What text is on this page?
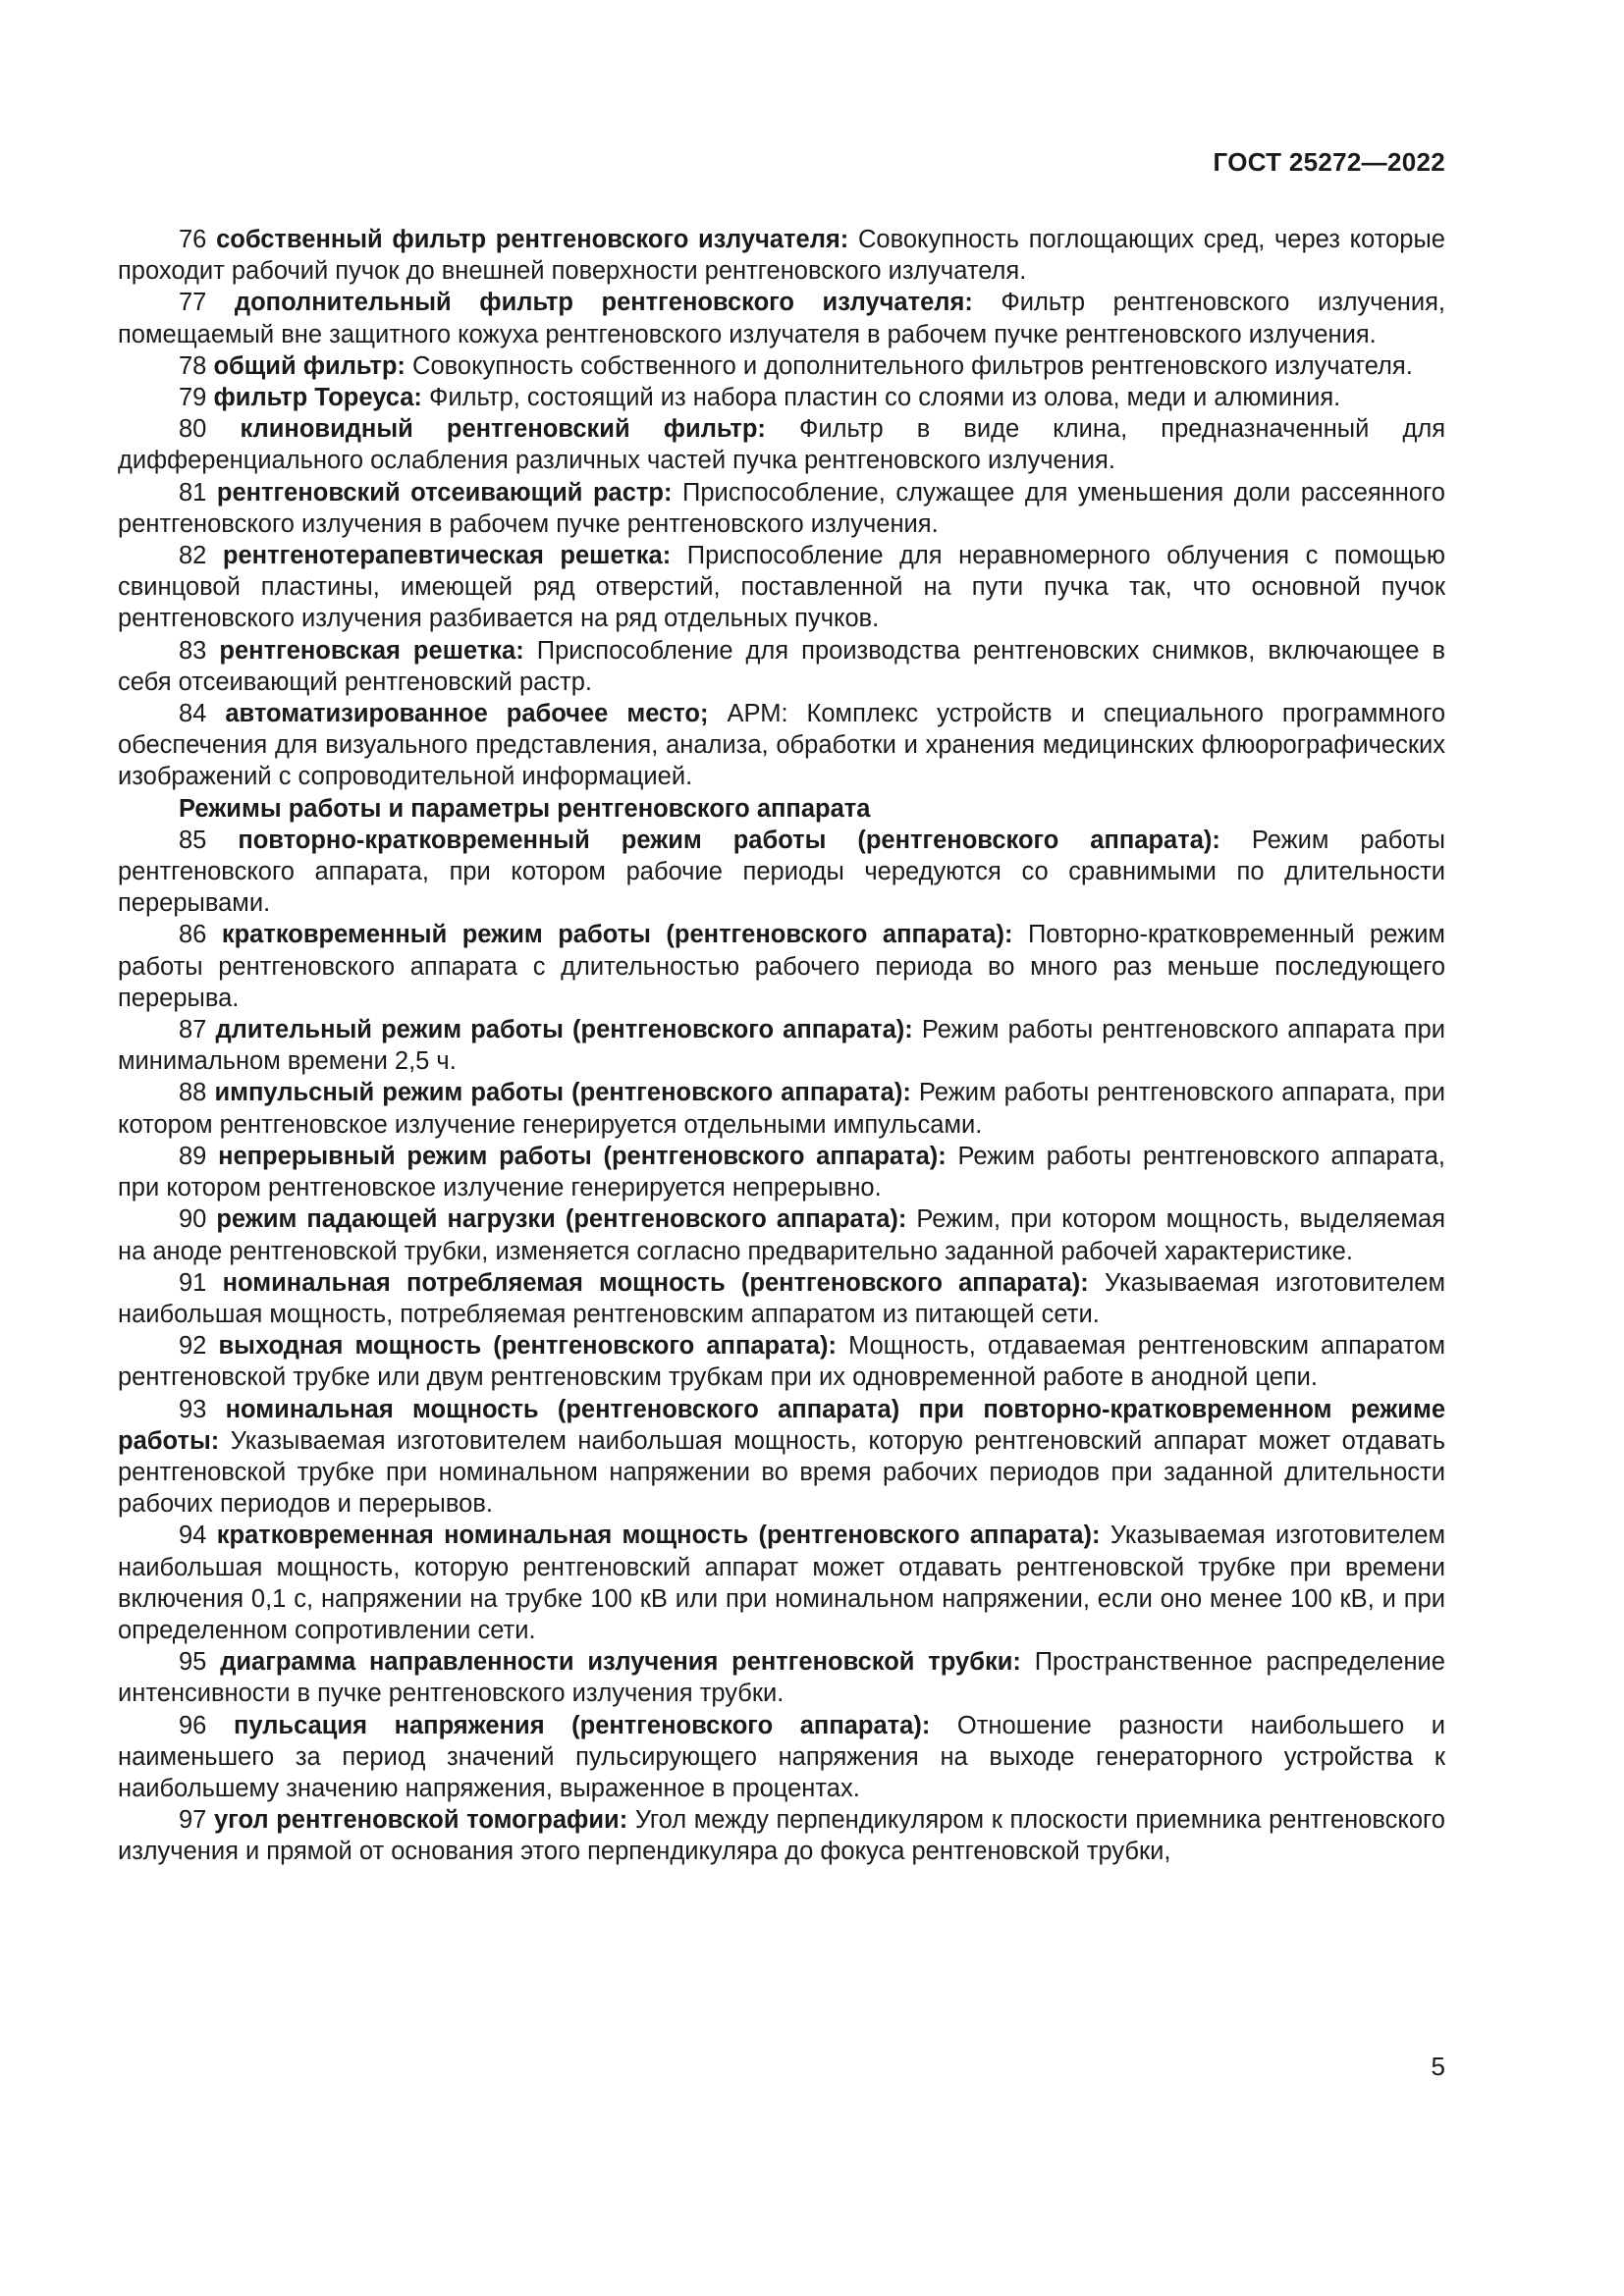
ГОСТ 25272—2022

76 собственный фильтр рентгеновского излучателя: Совокупность поглощающих сред, через которые проходит рабочий пучок до внешней поверхности рентгеновского излучателя.

77 дополнительный фильтр рентгеновского излучателя: Фильтр рентгеновского излучения, помещаемый вне защитного кожуха рентгеновского излучателя в рабочем пучке рентгеновского излучения.

78 общий фильтр: Совокупность собственного и дополнительного фильтров рентгеновского излучателя.

79 фильтр Тореуса: Фильтр, состоящий из набора пластин со слоями из олова, меди и алюминия.

80 клиновидный рентгеновский фильтр: Фильтр в виде клина, предназначенный для дифференциального ослабления различных частей пучка рентгеновского излучения.

81 рентгеновский отсеивающий растр: Приспособление, служащее для уменьшения доли рассеянного рентгеновского излучения в рабочем пучке рентгеновского излучения.

82 рентгенотерапевтическая решетка: Приспособление для неравномерного облучения с помощью свинцовой пластины, имеющей ряд отверстий, поставленной на пути пучка так, что основной пучок рентгеновского излучения разбивается на ряд отдельных пучков.

83 рентгеновская решетка: Приспособление для производства рентгеновских снимков, включающее в себя отсеивающий рентгеновский растр.

84 автоматизированное рабочее место; АРМ: Комплекс устройств и специального программного обеспечения для визуального представления, анализа, обработки и хранения медицинских флюорографических изображений с сопроводительной информацией.

Режимы работы и параметры рентгеновского аппарата

85 повторно-кратковременный режим работы (рентгеновского аппарата): Режим работы рентгеновского аппарата, при котором рабочие периоды чередуются со сравнимыми по длительности перерывами.

86 кратковременный режим работы (рентгеновского аппарата): Повторно-кратковременный режим работы рентгеновского аппарата с длительностью рабочего периода во много раз меньше последующего перерыва.

87 длительный режим работы (рентгеновского аппарата): Режим работы рентгеновского аппарата при минимальном времени 2,5 ч.

88 импульсный режим работы (рентгеновского аппарата): Режим работы рентгеновского аппарата, при котором рентгеновское излучение генерируется отдельными импульсами.

89 непрерывный режим работы (рентгеновского аппарата): Режим работы рентгеновского аппарата, при котором рентгеновское излучение генерируется непрерывно.

90 режим падающей нагрузки (рентгеновского аппарата): Режим, при котором мощность, выделяемая на аноде рентгеновской трубки, изменяется согласно предварительно заданной рабочей характеристике.

91 номинальная потребляемая мощность (рентгеновского аппарата): Указываемая изготовителем наибольшая мощность, потребляемая рентгеновским аппаратом из питающей сети.

92 выходная мощность (рентгеновского аппарата): Мощность, отдаваемая рентгеновским аппаратом рентгеновской трубке или двум рентгеновским трубкам при их одновременной работе в анодной цепи.

93 номинальная мощность (рентгеновского аппарата) при повторно-кратковременном режиме работы: Указываемая изготовителем наибольшая мощность, которую рентгеновский аппарат может отдавать рентгеновской трубке при номинальном напряжении во время рабочих периодов при заданной длительности рабочих периодов и перерывов.

94 кратковременная номинальная мощность (рентгеновского аппарата): Указываемая изготовителем наибольшая мощность, которую рентгеновский аппарат может отдавать рентгеновской трубке при времени включения 0,1 с, напряжении на трубке 100 кВ или при номинальном напряжении, если оно менее 100 кВ, и при определенном сопротивлении сети.

95 диаграмма направленности излучения рентгеновской трубки: Пространственное распределение интенсивности в пучке рентгеновского излучения трубки.

96 пульсация напряжения (рентгеновского аппарата): Отношение разности наибольшего и наименьшего за период значений пульсирующего напряжения на выходе генераторного устройства к наибольшему значению напряжения, выраженное в процентах.

97 угол рентгеновской томографии: Угол между перпендикуляром к плоскости приемника рентгеновского излучения и прямой от основания этого перпендикуляра до фокуса рентгеновской трубки,

5
